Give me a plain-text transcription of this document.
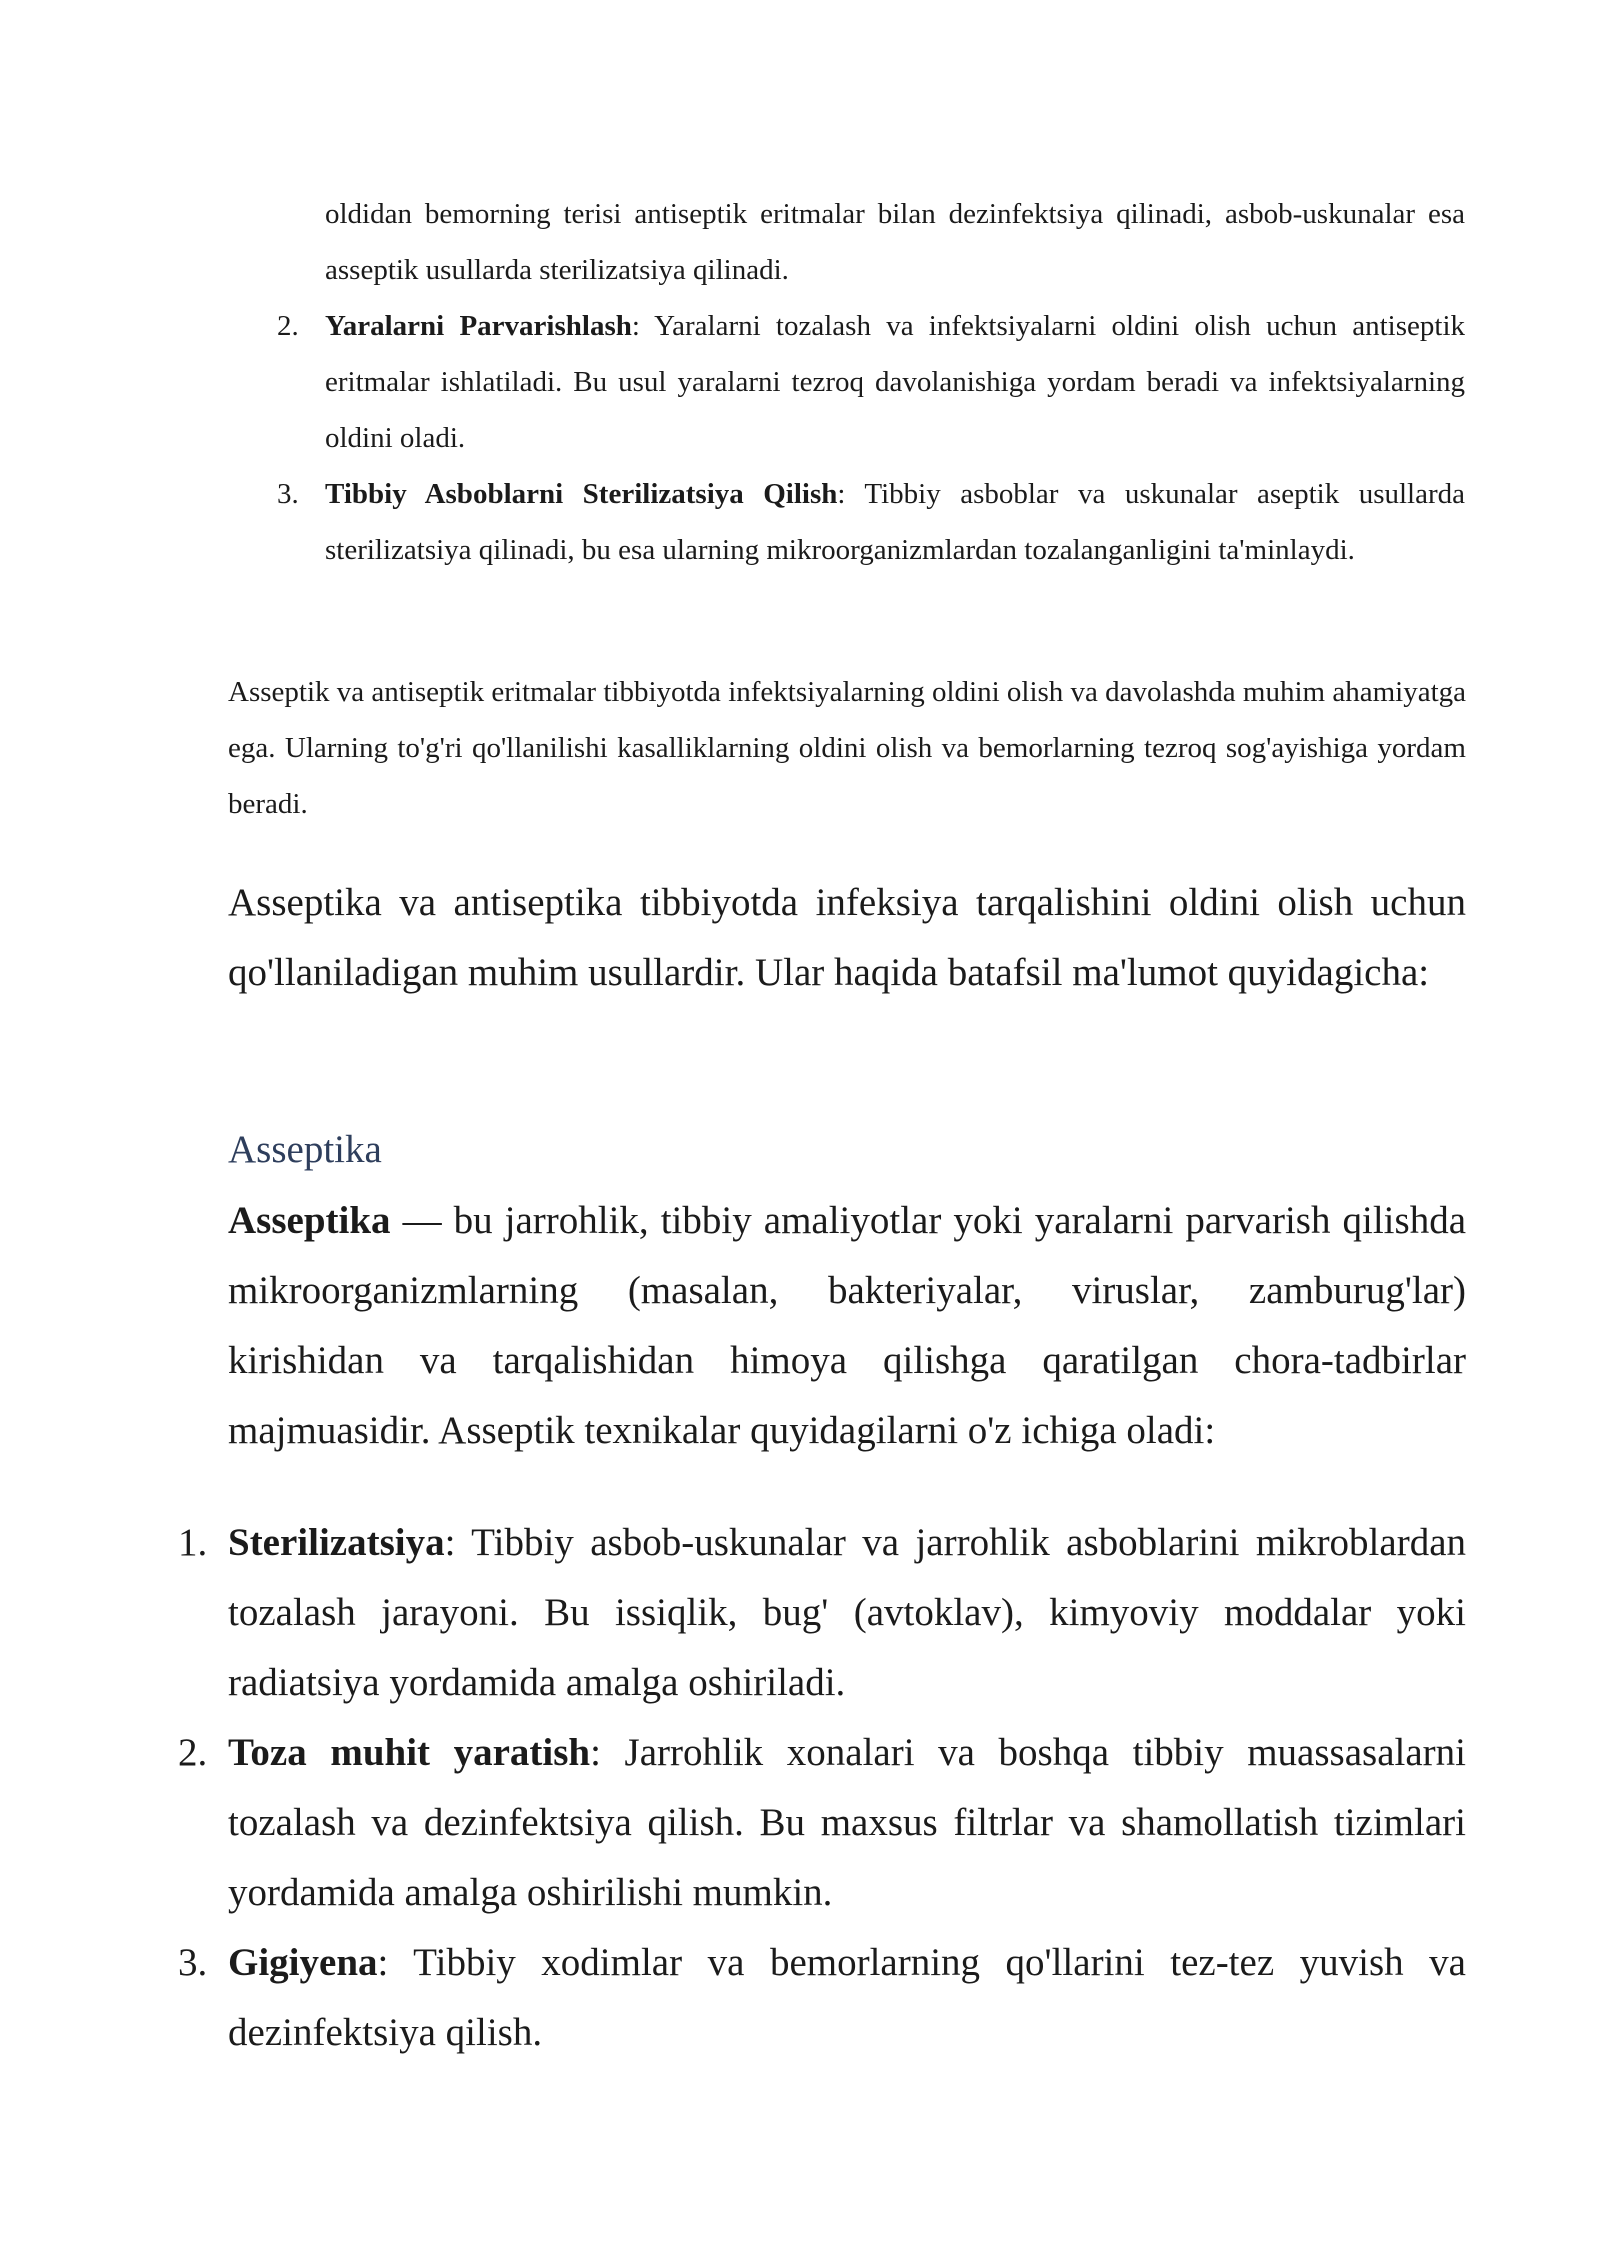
oldidan bemorning terisi antiseptik eritmalar bilan dezinfektsiya qilinadi, asbob-uskunalar esa asseptik usullarda sterilizatsiya qilinadi.

2. Yaralarni Parvarishlash: Yaralarni tozalash va infektsiyalarni oldini olish uchun antiseptik eritmalar ishlatiladi. Bu usul yaralarni tezroq davolanishiga yordam beradi va infektsiyalarning oldini oladi.
3. Tibbiy Asboblarni Sterilizatsiya Qilish: Tibbiy asboblar va uskunalar aseptik usullarda sterilizatsiya qilinadi, bu esa ularning mikroorganizmlardan tozalanganligini ta'minlaydi.

Asseptik va antiseptik eritmalar tibbiyotda infektsiyalarning oldini olish va davolashda muhim ahamiyatga ega. Ularning to'g'ri qo'llanilishi kasalliklarning oldini olish va bemorlarning tezroq sog'ayishiga yordam beradi.

Asseptika va antiseptika tibbiyotda infeksiya tarqalishini oldini olish uchun qo'llaniladigan muhim usullardir. Ular haqida batafsil ma'lumot quyidagicha:

Asseptika

Asseptika — bu jarrohlik, tibbiy amaliyotlar yoki yaralarni parvarish qilishda mikroorganizmlarning (masalan, bakteriyalar, viruslar, zamburug'lar) kirishidan va tarqalishidan himoya qilishga qaratilgan chora-tadbirlar majmuasidir. Asseptik texnikalar quyidagilarni o'z ichiga oladi:

1. Sterilizatsiya: Tibbiy asbob-uskunalar va jarrohlik asboblarini mikroblardan tozalash jarayoni. Bu issiqlik, bug' (avtoklav), kimyoviy moddalar yoki radiatsiya yordamida amalga oshiriladi.
2. Toza muhit yaratish: Jarrohlik xonalari va boshqa tibbiy muassasalarni tozalash va dezinfektsiya qilish. Bu maxsus filtrlar va shamollatish tizimlari yordamida amalga oshirilishi mumkin.
3. Gigiyena: Tibbiy xodimlar va bemorlarning qo'llarini tez-tez yuvish va dezinfektsiya qilish.
